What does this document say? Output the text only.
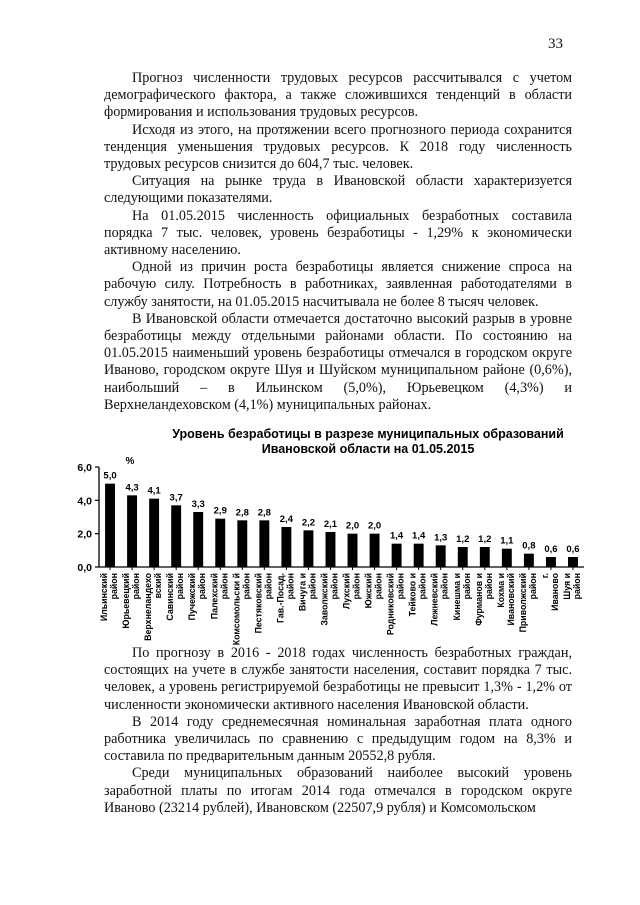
33

Прогноз численности трудовых ресурсов рассчитывался с учетом демографического фактора, а также сложившихся тенденций в области формирования и использования трудовых ресурсов.

Исходя из этого, на протяжении всего прогнозного периода сохранится тенденция уменьшения трудовых ресурсов. К 2018 году численность трудовых ресурсов снизится до 604,7 тыс. человек.

Ситуация на рынке труда в Ивановской области характеризуется следующими показателями.

На 01.05.2015 численность официальных безработных составила порядка 7 тыс. человек, уровень безработицы - 1,29% к экономически активному населению.

Одной из причин роста безработицы является снижение спроса на рабочую силу. Потребность в работниках, заявленная работодателями в службу занятости, на 01.05.2015 насчитывала не более 8 тысяч человек.

В Ивановской области отмечается достаточно высокий разрыв в уровне безработицы между отдельными районами области. По состоянию на 01.05.2015 наименьший уровень безработицы отмечался в городском округе Иваново, городском округе Шуя и Шуйском муниципальном районе (0,6%), наибольший – в Ильинском (5,0%), Юрьевецком (4,3%) и Верхнеландеховском (4,1%) муниципальных районах.

Уровень безработицы в разрезе муниципальных образований
Ивановской области на 01.05.2015
%
0,0
2,0
4,0
6,0
5,0
4,3 4,1
3,7
3,3
2,9 2,8 2,8
2,4 2,2 2,1 2,0 2,0
1,4 1,4 1,3 1,2 1,2 1,1 0,8 0,6 0,6
Ильинскийрайон Юрьевецкийрайон Верхнеландеховский Савинскийрайон Пучежскийрайон Палехскийрайон Комсомольски йрайон Пестяковскийрайон Гав.-Посад.район Вичуга ирайон Заволжскийрайон Лухскийрайон Южскийрайон Родниковскийрайон Тейково ирайон Лежневскийрайон Кинешма ирайон Фурманов ирайон Кохма иИвановский Приволжскийрайон г.Иваново Шуя ирайон

По прогнозу в 2016 - 2018 годах численность безработных граждан, состоящих на учете в службе занятости населения, составит порядка 7 тыс. человек, а уровень регистрируемой безработицы не превысит 1,3% - 1,2% от численности экономически активного населения Ивановской области.

В 2014 году среднемесячная номинальная заработная плата одного работника увеличилась по сравнению с предыдущим годом на 8,3% и составила по предварительным данным 20552,8 рубля.

Среди муниципальных образований наиболее высокий уровень заработной платы по итогам 2014 года отмечался в городском округе Иваново (23214 рублей), Ивановском (22507,9 рубля) и Комсомольском
